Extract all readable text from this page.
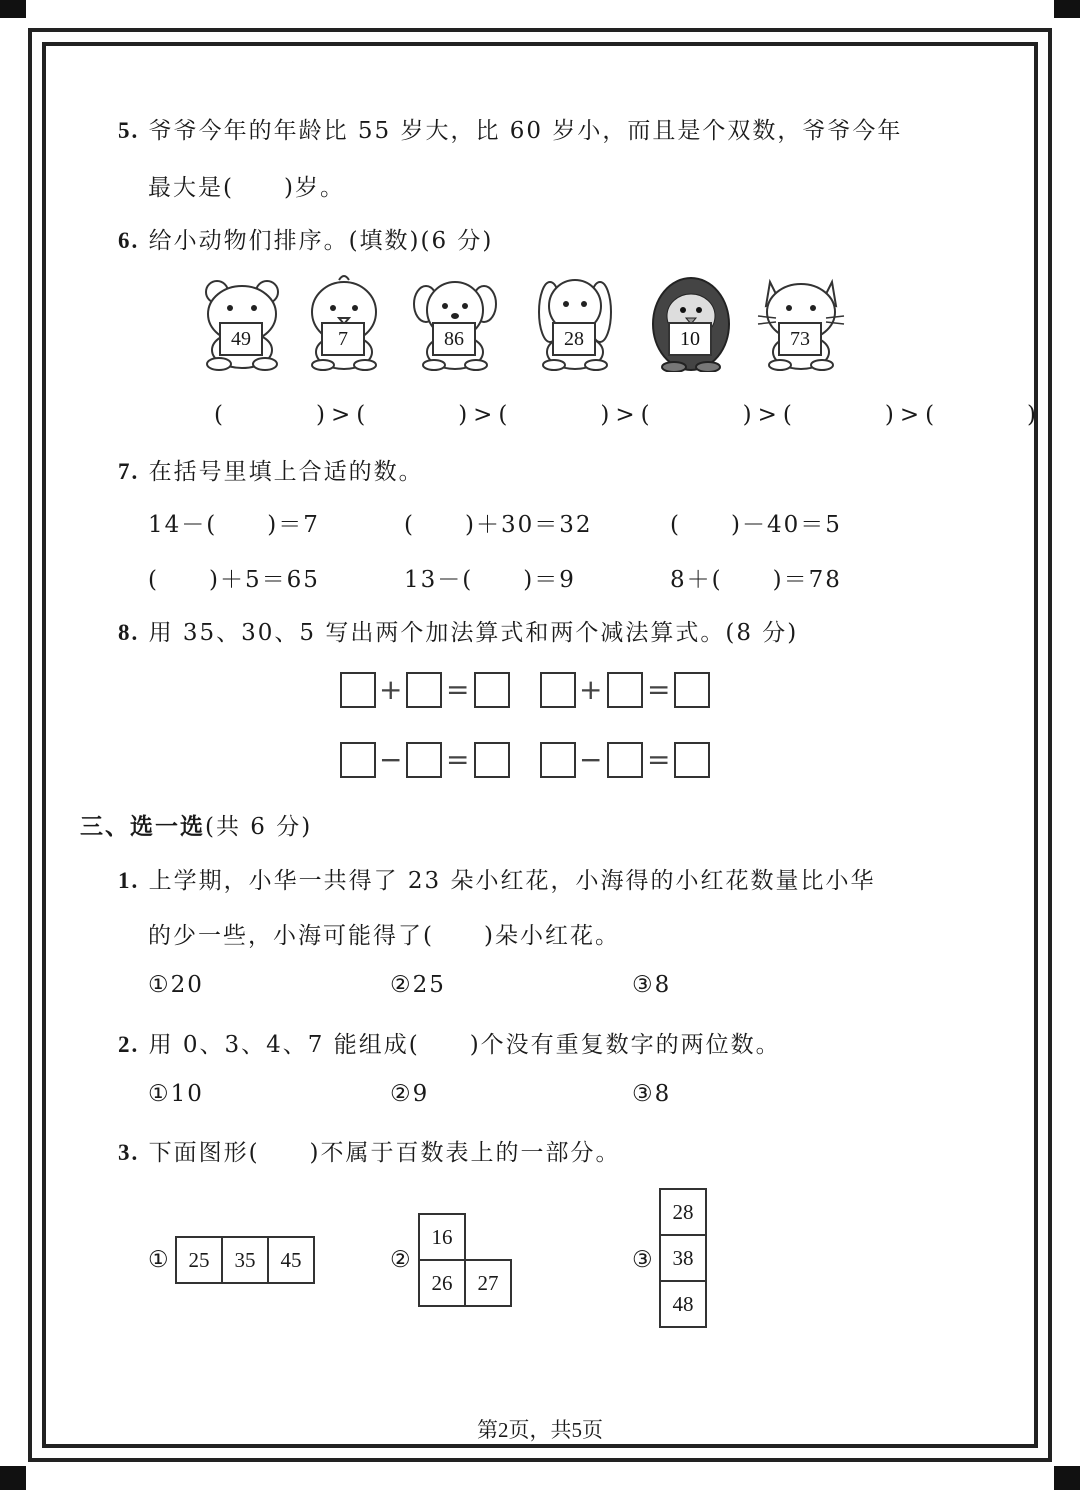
5. 爷爷今年的年龄比 55 岁大，比 60 岁小，而且是个双数，爷爷今年
最大是(　　)岁。
6. 给小动物们排序。(填数)(6 分)
49	7	86	28	10	73
(　　　)>(　　　)>(　　　)>(　　　)>(　　　)>(　　　)
7. 在括号里填上合适的数。
14－(　　)＝7	(　　)＋30＝32	(　　)－40＝5
(　　)＋5＝65	13－(　　)＝9	8＋(　　)＝78
8. 用 35、30、5 写出两个加法算式和两个减法算式。(8 分)
+ =	+ =
− =	− =
三、选一选(共 6 分)
1. 上学期，小华一共得了 23 朵小红花，小海得的小红花数量比小华
的少一些，小海可能得了(　　)朵小红花。
①20	②25	③8
2. 用 0、3、4、7 能组成(　　)个没有重复数字的两位数。
①10	②9	③8
3. 下面图形(　　)不属于百数表上的一部分。
① 25	35	45	②
16
26	27
③
28
38
48
第2页，共5页
